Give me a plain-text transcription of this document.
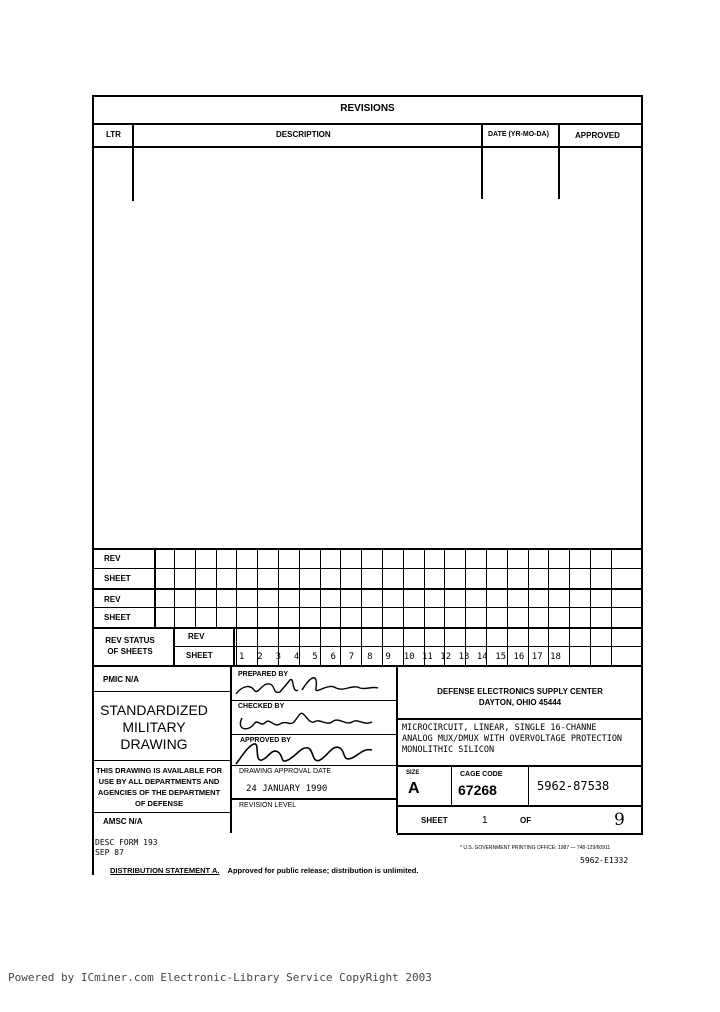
REVISIONS
LTR	DESCRIPTION	DATE (YR-MO-DA)	APPROVED
REV
SHEET
REV
SHEET
REV STATUS OF SHEETS
REV
SHEET	1 2 3 4 5 6 7 8 9 10 11 12 13 14 15 16 17 18
PMIC N/A
STANDARDIZED MILITARY DRAWING
THIS DRAWING IS AVAILABLE FOR USE BY ALL DEPARTMENTS AND AGENCIES OF THE DEPARTMENT OF DEFENSE
AMSC N/A
PREPARED BY
CHECKED BY
APPROVED BY
DRAWING APPROVAL DATE
24 JANUARY 1990
REVISION LEVEL
DEFENSE ELECTRONICS SUPPLY CENTER
DAYTON, OHIO 45444
MICROCIRCUIT, LINEAR, SINGLE 16-CHANNE
ANALOG MUX/DMUX WITH OVERVOLTAGE PROTECTION
MONOLITHIC SILICON
SIZE
A
CAGE CODE
67268	5962-87538
SHEET	1	OF	9
DESC FORM 193
SEP 87	* U.S. GOVERNMENT PRINTING OFFICE: 1987 — 748-129/60911
5962-E1332
DISTRIBUTION STATEMENT A. Approved for public release; distribution is unlimited.
Powered by ICminer.com Electronic-Library Service CopyRight 2003
